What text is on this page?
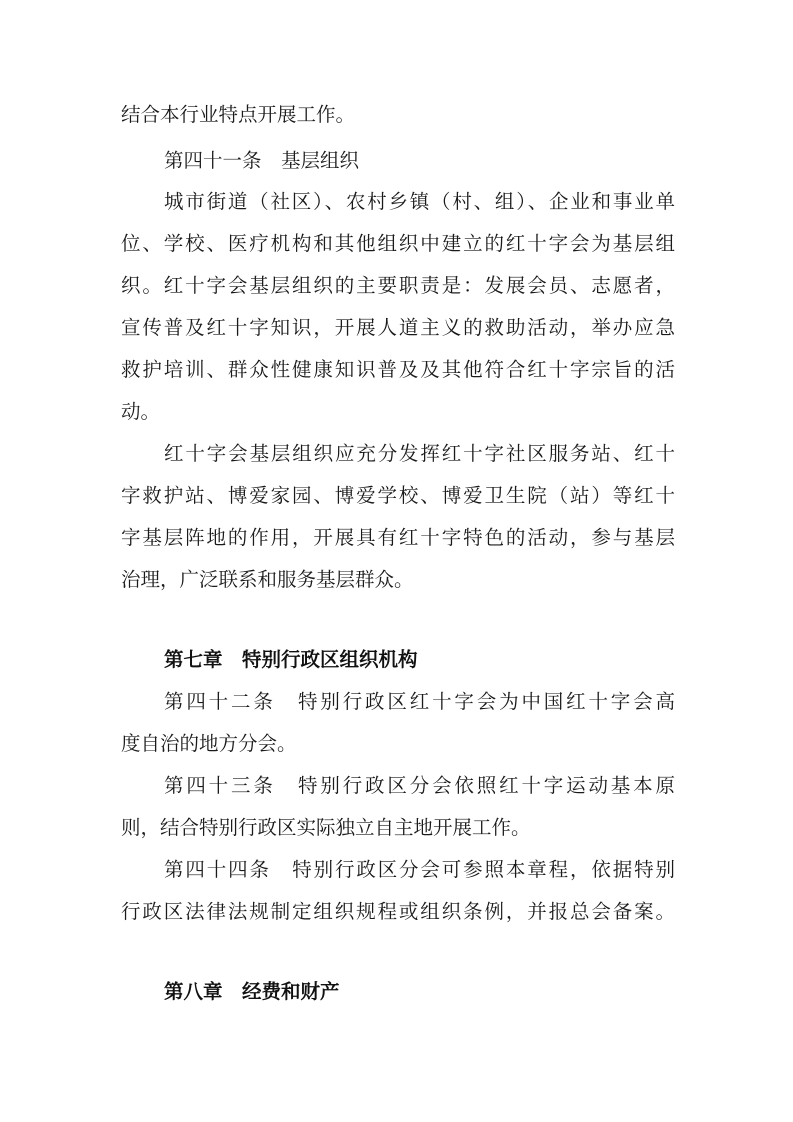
结合本行业特点开展工作。
第四十一条　基层组织
城市街道（社区）、农村乡镇（村、组）、企业和事业单
位、学校、医疗机构和其他组织中建立的红十字会为基层组
织。红十字会基层组织的主要职责是：发展会员、志愿者，
宣传普及红十字知识，开展人道主义的救助活动，举办应急
救护培训、群众性健康知识普及及其他符合红十字宗旨的活
动。
红十字会基层组织应充分发挥红十字社区服务站、红十
字救护站、博爱家园、博爱学校、博爱卫生院（站）等红十
字基层阵地的作用，开展具有红十字特色的活动，参与基层
治理，广泛联系和服务基层群众。
第七章　特别行政区组织机构
第四十二条　特别行政区红十字会为中国红十字会高
度自治的地方分会。
第四十三条　特别行政区分会依照红十字运动基本原
则，结合特别行政区实际独立自主地开展工作。
第四十四条　特别行政区分会可参照本章程，依据特别
行政区法律法规制定组织规程或组织条例，并报总会备案。
第八章　经费和财产
